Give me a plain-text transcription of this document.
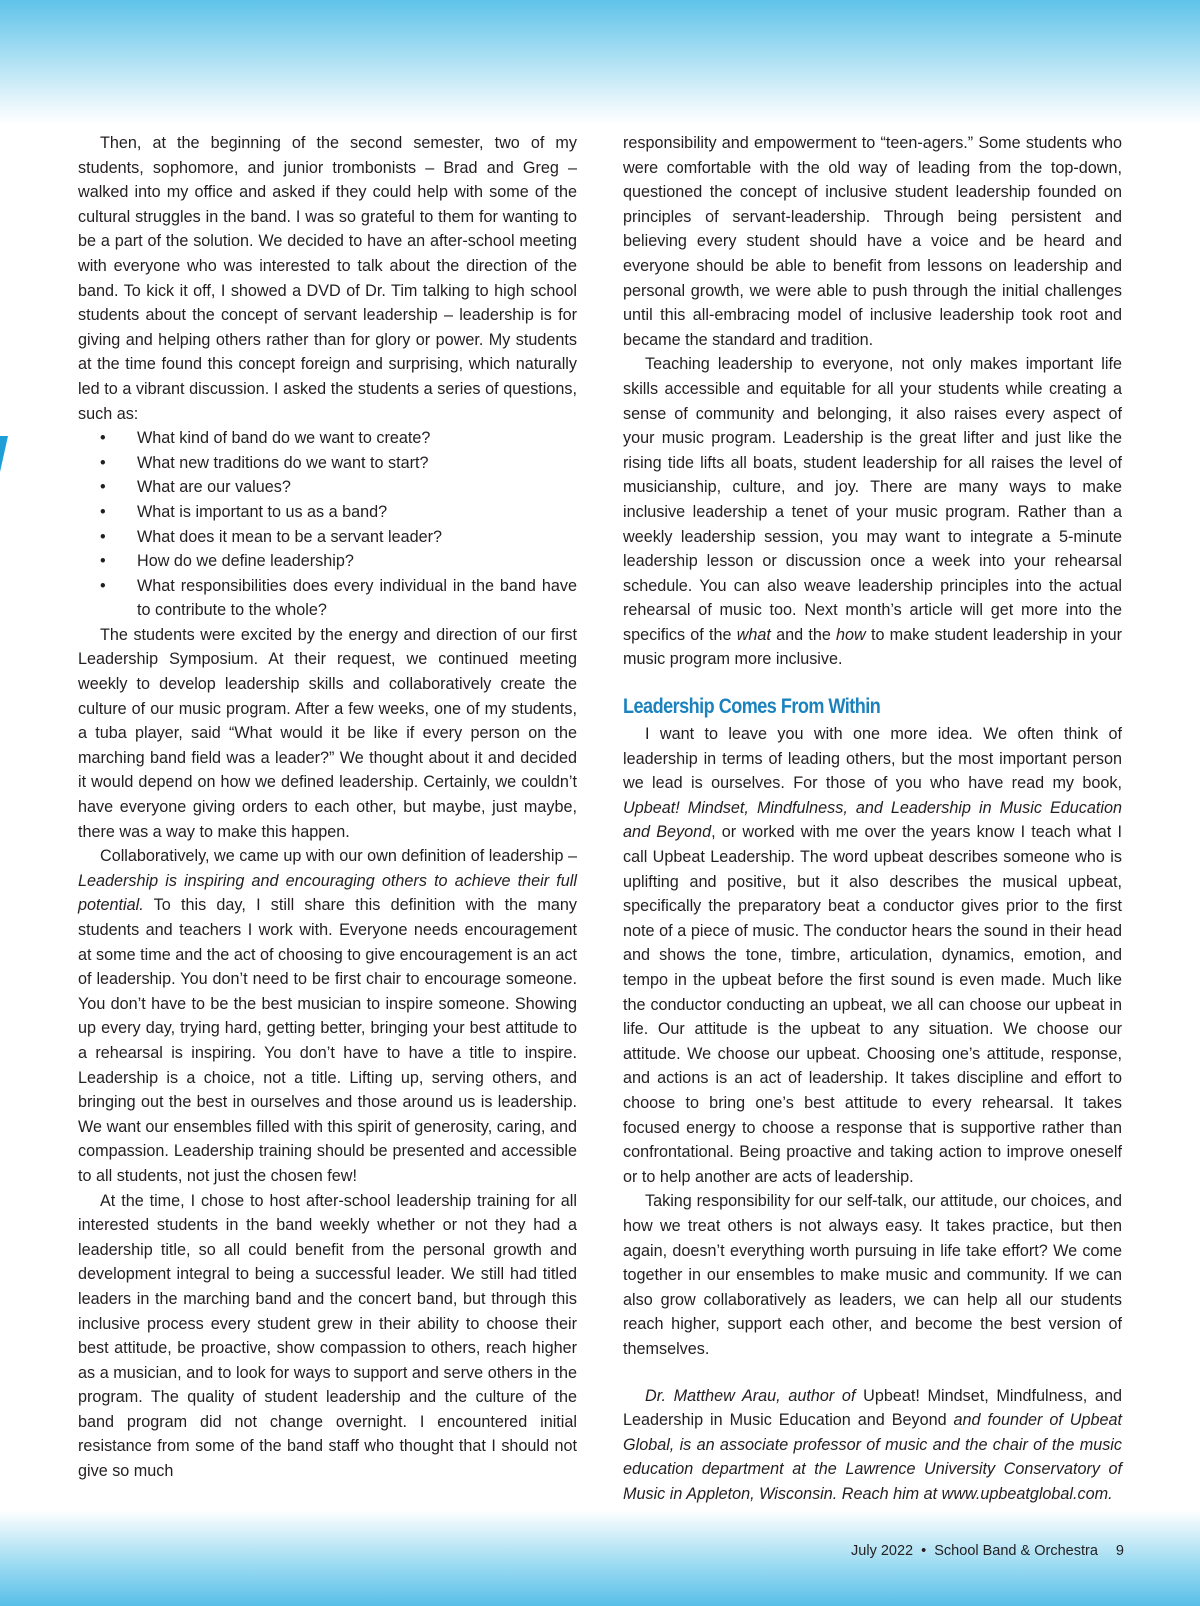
Then, at the beginning of the second semester, two of my students, sophomore, and junior trombonists – Brad and Greg – walked into my office and asked if they could help with some of the cultural struggles in the band. I was so grateful to them for wanting to be a part of the solution. We decided to have an after-school meeting with everyone who was interested to talk about the direction of the band. To kick it off, I showed a DVD of Dr. Tim talking to high school students about the concept of servant leadership – leadership is for giving and helping others rather than for glory or power. My students at the time found this concept foreign and surprising, which naturally led to a vibrant discussion. I asked the students a series of questions, such as:

• What kind of band do we want to create?
• What new traditions do we want to start?
• What are our values?
• What is important to us as a band?
• What does it mean to be a servant leader?
• How do we define leadership?
• What responsibilities does every individual in the band have to contribute to the whole?

The students were excited by the energy and direction of our first Leadership Symposium. At their request, we continued meeting weekly to develop leadership skills and collaboratively create the culture of our music program. After a few weeks, one of my students, a tuba player, said “What would it be like if every person on the marching band field was a leader?” We thought about it and decided it would depend on how we defined leadership. Certainly, we couldn’t have everyone giving orders to each other, but maybe, just maybe, there was a way to make this happen.

Collaboratively, we came up with our own definition of leadership – Leadership is inspiring and encouraging others to achieve their full potential. To this day, I still share this definition with the many students and teachers I work with. Everyone needs encouragement at some time and the act of choosing to give encouragement is an act of leadership. You don’t need to be first chair to encourage someone. You don’t have to be the best musician to inspire someone. Showing up every day, trying hard, getting better, bringing your best attitude to a rehearsal is inspiring. You don’t have to have a title to inspire. Leadership is a choice, not a title. Lifting up, serving others, and bringing out the best in ourselves and those around us is leadership. We want our ensembles filled with this spirit of generosity, caring, and compassion. Leadership training should be presented and accessible to all students, not just the chosen few!

At the time, I chose to host after-school leadership training for all interested students in the band weekly whether or not they had a leadership title, so all could benefit from the personal growth and development integral to being a successful leader. We still had titled leaders in the marching band and the concert band, but through this inclusive process every student grew in their ability to choose their best attitude, be proactive, show compassion to others, reach higher as a musician, and to look for ways to support and serve others in the program. The quality of student leadership and the culture of the band program did not change overnight. I encountered initial resistance from some of the band staff who thought that I should not give so much

responsibility and empowerment to “teen-agers.” Some students who were comfortable with the old way of leading from the top-down, questioned the concept of inclusive student leadership founded on principles of servant-leadership. Through being persistent and believing every student should have a voice and be heard and everyone should be able to benefit from lessons on leadership and personal growth, we were able to push through the initial challenges until this all-embracing model of inclusive leadership took root and became the standard and tradition.

Teaching leadership to everyone, not only makes important life skills accessible and equitable for all your students while creating a sense of community and belonging, it also raises every aspect of your music program. Leadership is the great lifter and just like the rising tide lifts all boats, student leadership for all raises the level of musicianship, culture, and joy. There are many ways to make inclusive leadership a tenet of your music program. Rather than a weekly leadership session, you may want to integrate a 5-minute leadership lesson or discussion once a week into your rehearsal schedule. You can also weave leadership principles into the actual rehearsal of music too. Next month’s article will get more into the specifics of the what and the how to make student leadership in your music program more inclusive.

Leadership Comes From Within

I want to leave you with one more idea. We often think of leadership in terms of leading others, but the most important person we lead is ourselves. For those of you who have read my book, Upbeat! Mindset, Mindfulness, and Leadership in Music Education and Beyond, or worked with me over the years know I teach what I call Upbeat Leadership. The word upbeat describes someone who is uplifting and positive, but it also describes the musical upbeat, specifically the preparatory beat a conductor gives prior to the first note of a piece of music. The conductor hears the sound in their head and shows the tone, timbre, articulation, dynamics, emotion, and tempo in the upbeat before the first sound is even made. Much like the conductor conducting an upbeat, we all can choose our upbeat in life. Our attitude is the upbeat to any situation. We choose our attitude. We choose our upbeat. Choosing one’s attitude, response, and actions is an act of leadership. It takes discipline and effort to choose to bring one’s best attitude to every rehearsal. It takes focused energy to choose a response that is supportive rather than confrontational. Being proactive and taking action to improve oneself or to help another are acts of leadership.

Taking responsibility for our self-talk, our attitude, our choices, and how we treat others is not always easy. It takes practice, but then again, doesn’t everything worth pursuing in life take effort? We come together in our ensembles to make music and community. If we can also grow collaboratively as leaders, we can help all our students reach higher, support each other, and become the best version of themselves.

Dr. Matthew Arau, author of Upbeat! Mindset, Mindfulness, and Leadership in Music Education and Beyond and founder of Upbeat Global, is an associate professor of music and the chair of the music education department at the Lawrence University Conservatory of Music in Appleton, Wisconsin. Reach him at www.upbeatglobal.com.

July 2022 • School Band & Orchestra 9
